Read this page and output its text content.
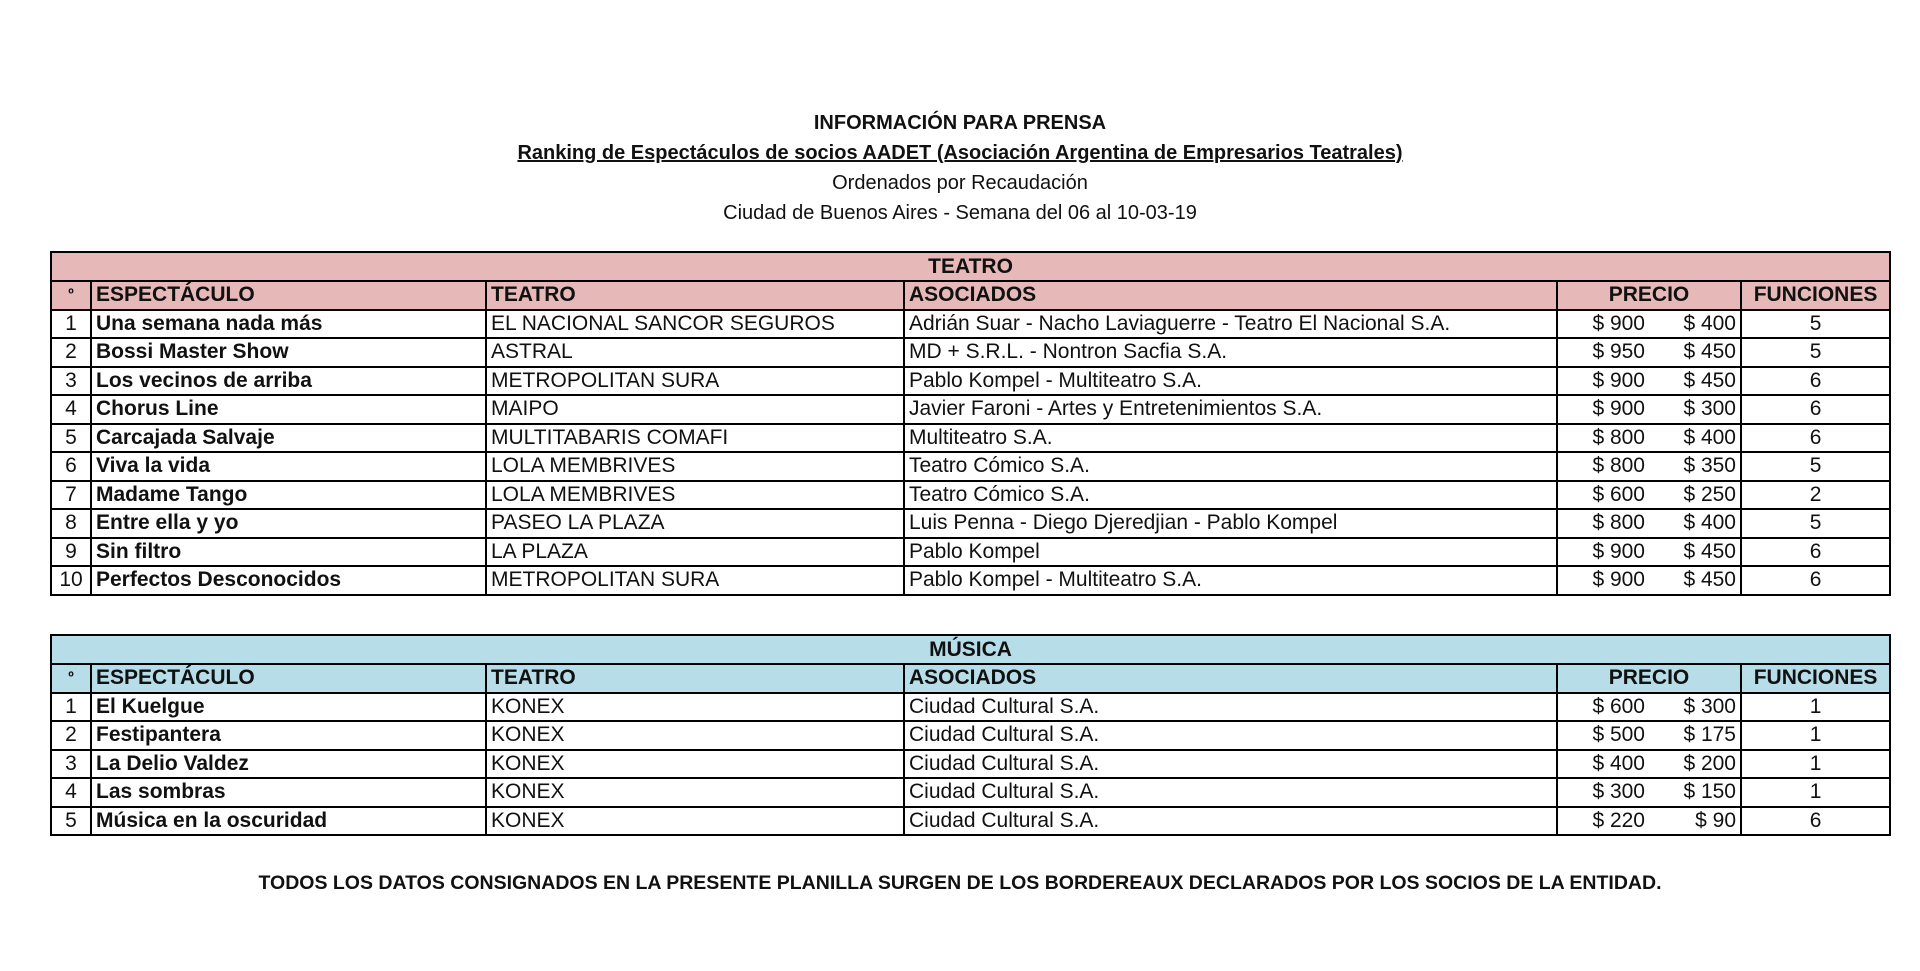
INFORMACIÓN PARA PRENSA
Ranking de Espectáculos de socios AADET (Asociación Argentina de Empresarios Teatrales)
Ordenados por Recaudación
Ciudad de Buenos Aires - Semana del 06 al 10-03-19
TEATRO						
º	ESPECTÁCULO	TEATRO	ASOCIADOS	PRECIO		FUNCIONES
1	Una semana nada más	EL NACIONAL SANCOR SEGUROS	Adrián Suar - Nacho Laviaguerre - Teatro El Nacional S.A.	$ 900	$ 400	5
2	Bossi Master Show	ASTRAL	MD + S.R.L. - Nontron Sacfia S.A.	$ 950	$ 450	5
3	Los vecinos de arriba	METROPOLITAN SURA	Pablo Kompel - Multiteatro S.A.	$ 900	$ 450	6
4	Chorus Line	MAIPO	Javier Faroni - Artes y Entretenimientos S.A.	$ 900	$ 300	6
5	Carcajada Salvaje	MULTITABARIS COMAFI	Multiteatro S.A.	$ 800	$ 400	6
6	Viva la vida	LOLA MEMBRIVES	Teatro Cómico S.A.	$ 800	$ 350	5
7	Madame Tango	LOLA MEMBRIVES	Teatro Cómico S.A.	$ 600	$ 250	2
8	Entre ella y yo	PASEO LA PLAZA	Luis Penna - Diego Djeredjian - Pablo Kompel	$ 800	$ 400	5
9	Sin filtro	LA PLAZA	Pablo Kompel	$ 900	$ 450	6
10	Perfectos Desconocidos	METROPOLITAN SURA	Pablo Kompel - Multiteatro S.A.	$ 900	$ 450	6
MÚSICA						
º	ESPECTÁCULO	TEATRO	ASOCIADOS	PRECIO		FUNCIONES
1	El Kuelgue	KONEX	Ciudad Cultural S.A.	$ 600	$ 300	1
2	Festipantera	KONEX	Ciudad Cultural S.A.	$ 500	$ 175	1
3	La Delio Valdez	KONEX	Ciudad Cultural S.A.	$ 400	$ 200	1
4	Las sombras	KONEX	Ciudad Cultural S.A.	$ 300	$ 150	1
5	Música en la oscuridad	KONEX	Ciudad Cultural S.A.	$ 220	$ 90	6
TODOS LOS DATOS CONSIGNADOS EN LA PRESENTE PLANILLA SURGEN DE LOS BORDEREAUX DECLARADOS POR LOS SOCIOS DE LA ENTIDAD.
